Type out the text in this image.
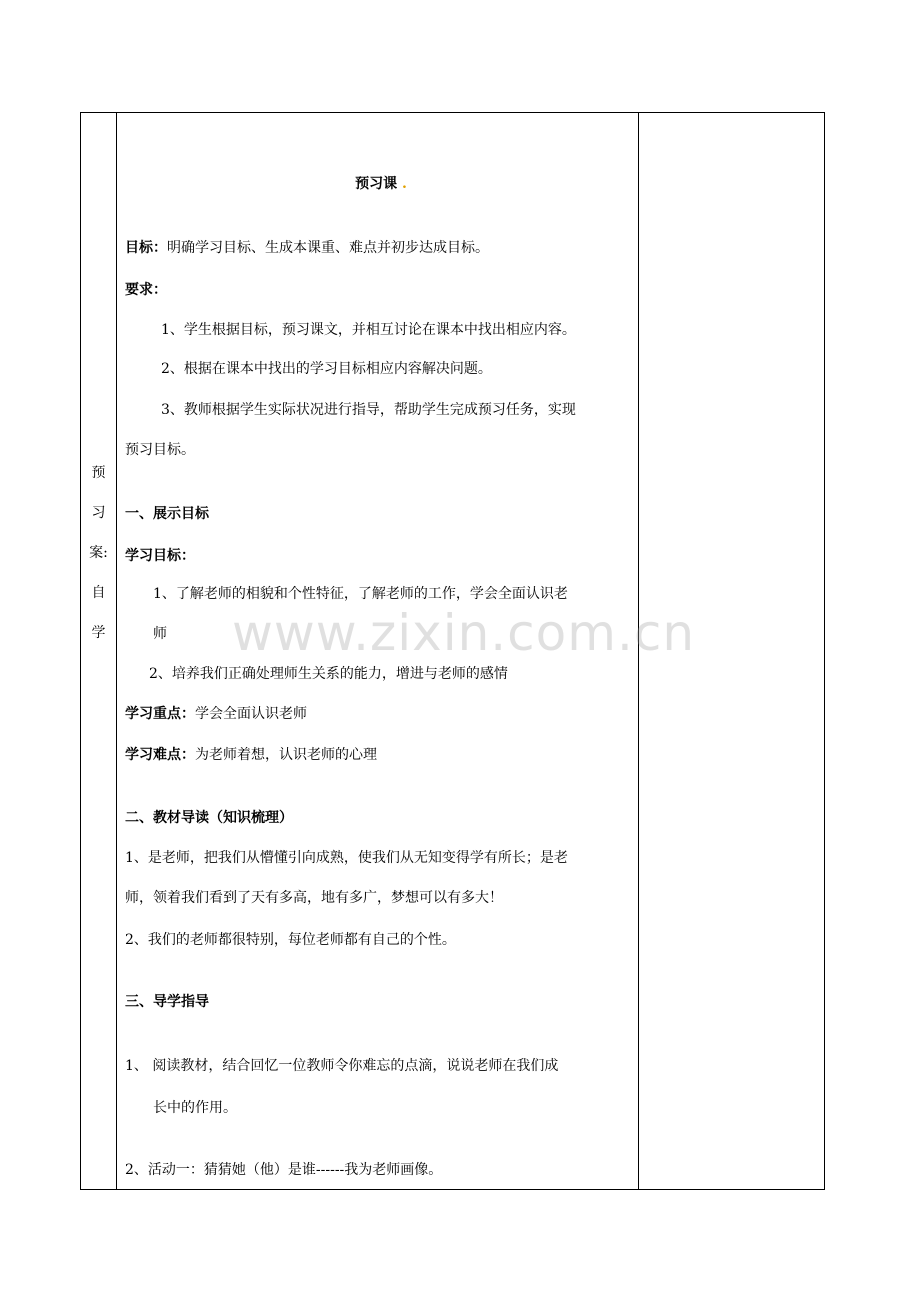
预
习
案:
自
学
预习课 .
目标：明确学习目标、生成本课重、难点并初步达成目标。
要求：
1、学生根据目标，预习课文，并相互讨论在课本中找出相应内容。
2、根据在课本中找出的学习目标相应内容解决问题。
3、教师根据学生实际状况进行指导，帮助学生完成预习任务，实现
预习目标。
一、展示目标
学习目标：
1、了解老师的相貌和个性特征，了解老师的工作，学会全面认识老
师
2、培养我们正确处理师生关系的能力，增进与老师的感情
学习重点：学会全面认识老师
学习难点：为老师着想，认识老师的心理
二、教材导读（知识梳理）
1、是老师，把我们从懵懂引向成熟，使我们从无知变得学有所长；是老
师，领着我们看到了天有多高，地有多广，梦想可以有多大！
2、我们的老师都很特别，每位老师都有自己的个性。
三、导学指导
1、 阅读教材，结合回忆一位教师令你难忘的点滴，说说老师在我们成
长中的作用。
2、活动一：猜猜她（他）是谁------我为老师画像。
www.zixin.com.cn
